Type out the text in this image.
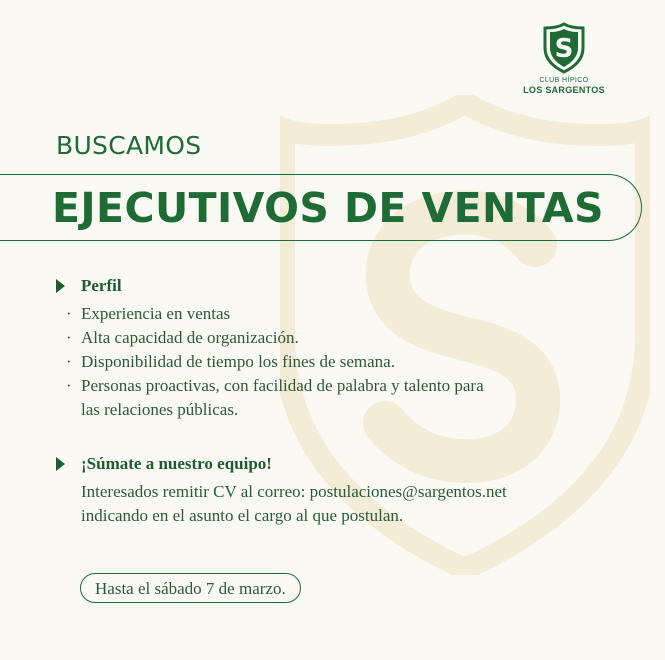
S
CLUB HÍPICO
LOS SARGENTOS
BUSCAMOS
EJECUTIVOS DE VENTAS
Perfil
· Experiencia en ventas
· Alta capacidad de organización.
· Disponibilidad de tiempo los fines de semana.
· Personas proactivas, con facilidad de palabra y talento para
las relaciones públicas.
¡Súmate a nuestro equipo!
Interesados remitir CV al correo: postulaciones@sargentos.net
indicando en el asunto el cargo al que postulan.
Hasta el sábado 7 de marzo.
